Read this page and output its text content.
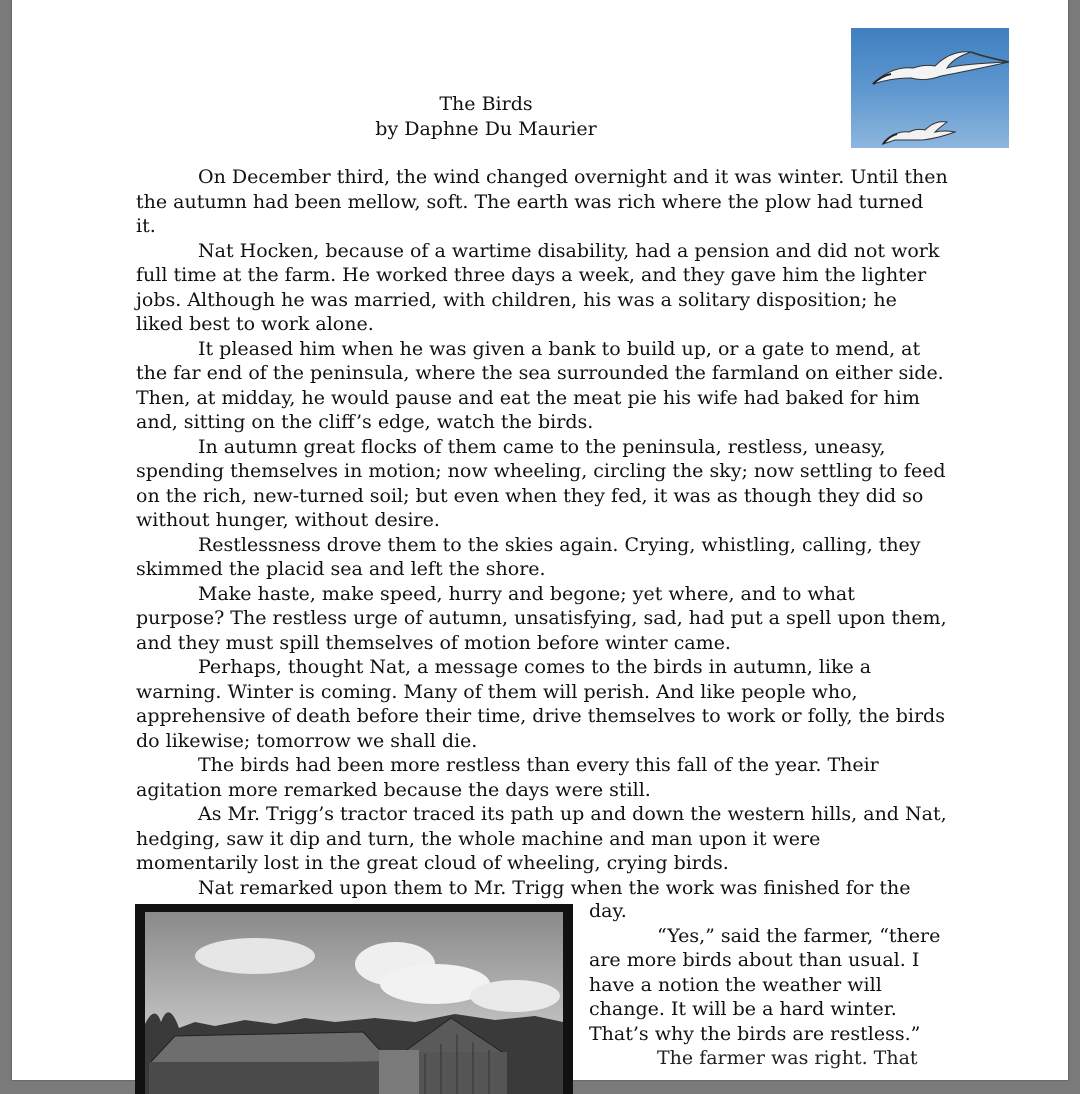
The Birds
by Daphne Du Maurier

On December third, the wind changed overnight and it was winter. Until then the autumn had been mellow, soft. The earth was rich where the plow had turned it.

Nat Hocken, because of a wartime disability, had a pension and did not work full time at the farm. He worked three days a week, and they gave him the lighter jobs. Although he was married, with children, his was a solitary disposition; he liked best to work alone.

It pleased him when he was given a bank to build up, or a gate to mend, at the far end of the peninsula, where the sea surrounded the farmland on either side. Then, at midday, he would pause and eat the meat pie his wife had baked for him and, sitting on the cliff’s edge, watch the birds.

In autumn great flocks of them came to the peninsula, restless, uneasy, spending themselves in motion; now wheeling, circling the sky; now settling to feed on the rich, new-turned soil; but even when they fed, it was as though they did so without hunger, without desire.

Restlessness drove them to the skies again. Crying, whistling, calling, they skimmed the placid sea and left the shore.

Make haste, make speed, hurry and begone; yet where, and to what purpose? The restless urge of autumn, unsatisfying, sad, had put a spell upon them, and they must spill themselves of motion before winter came.

Perhaps, thought Nat, a message comes to the birds in autumn, like a warning. Winter is coming. Many of them will perish. And like people who, apprehensive of death before their time, drive themselves to work or folly, the birds do likewise; tomorrow we shall die.

The birds had been more restless than every this fall of the year. Their agitation more remarked because the days were still.

As Mr. Trigg’s tractor traced its path up and down the western hills, and Nat, hedging, saw it dip and turn, the whole machine and man upon it were momentarily lost in the great cloud of wheeling, crying birds.

Nat remarked upon them to Mr. Trigg when the work was finished for the

day.

“Yes,” said the farmer, “there are more birds about than usual. I have a notion the weather will change. It will be a hard winter. That’s why the birds are restless.”

The farmer was right. That
